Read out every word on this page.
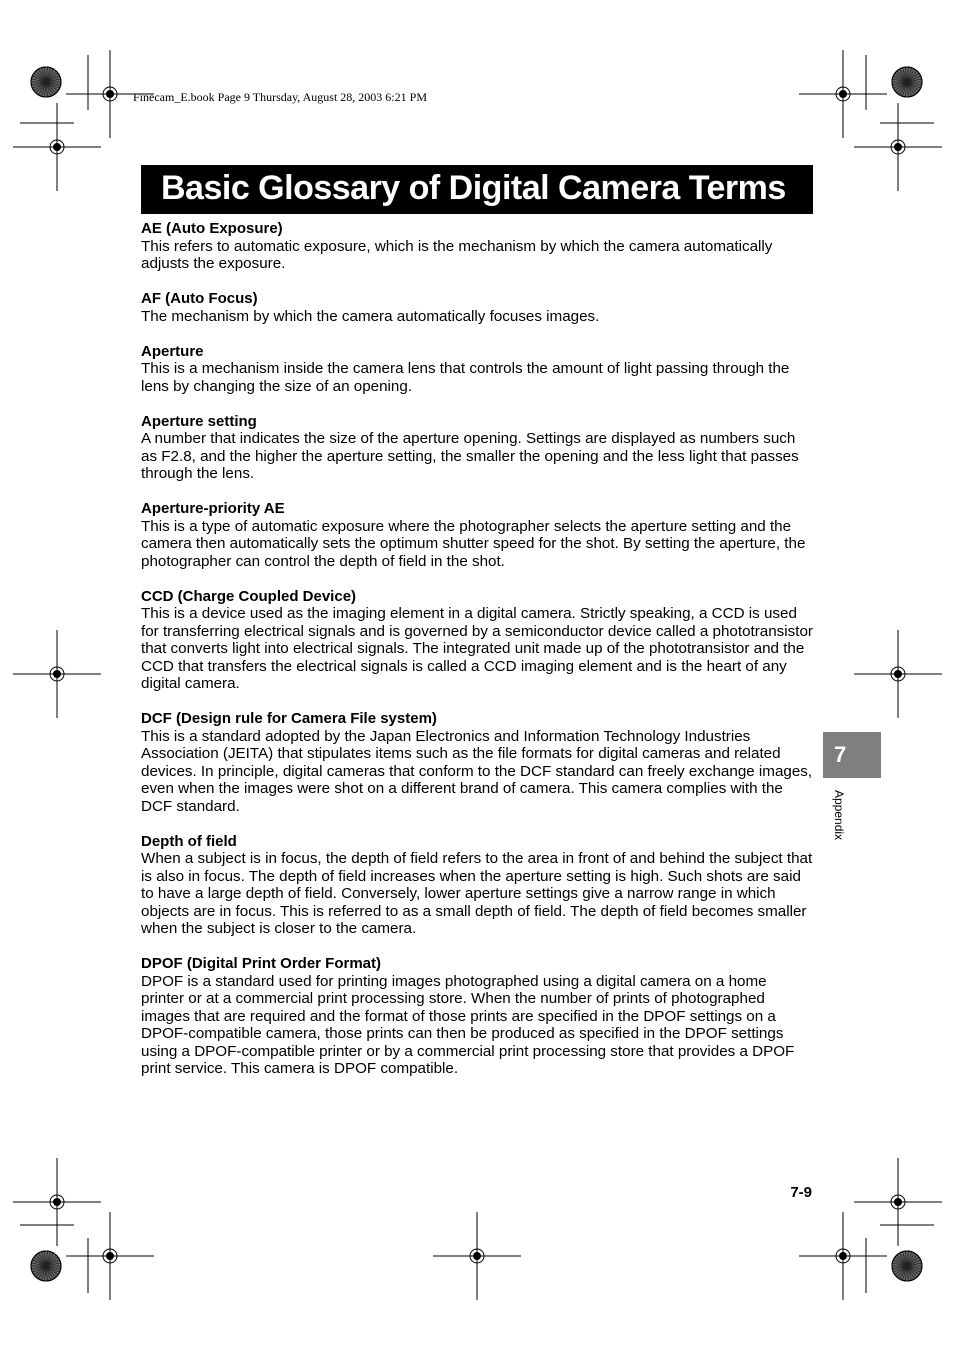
Finecam_E.book Page 9 Thursday, August 28, 2003 6:21 PM
Basic Glossary of Digital Camera Terms
AE (Auto Exposure)
This refers to automatic exposure, which is the mechanism by which the camera automatically adjusts the exposure.
AF (Auto Focus)
The mechanism by which the camera automatically focuses images.
Aperture
This is a mechanism inside the camera lens that controls the amount of light passing through the lens by changing the size of an opening.
Aperture setting
A number that indicates the size of the aperture opening. Settings are displayed as numbers such as F2.8, and the higher the aperture setting, the smaller the opening and the less light that passes through the lens.
Aperture-priority AE
This is a type of automatic exposure where the photographer selects the aperture setting and the camera then automatically sets the optimum shutter speed for the shot. By setting the aperture, the photographer can control the depth of field in the shot.
CCD (Charge Coupled Device)
This is a device used as the imaging element in a digital camera. Strictly speaking, a CCD is used for transferring electrical signals and is governed by a semiconductor device called a phototransistor that converts light into electrical signals. The integrated unit made up of the phototransistor and the CCD that transfers the electrical signals is called a CCD imaging element and is the heart of any digital camera.
DCF (Design rule for Camera File system)
This is a standard adopted by the Japan Electronics and Information Technology Industries Association (JEITA) that stipulates items such as the file formats for digital cameras and related devices. In principle, digital cameras that conform to the DCF standard can freely exchange images, even when the images were shot on a different brand of camera. This camera complies with the DCF standard.
Depth of field
When a subject is in focus, the depth of field refers to the area in front of and behind the subject that is also in focus. The depth of field increases when the aperture setting is high. Such shots are said to have a large depth of field. Conversely, lower aperture settings give a narrow range in which objects are in focus. This is referred to as a small depth of field. The depth of field becomes smaller when the subject is closer to the camera.
DPOF (Digital Print Order Format)
DPOF is a standard used for printing images photographed using a digital camera on a home printer or at a commercial print processing store. When the number of prints of photographed images that are required and the format of those prints are specified in the DPOF settings on a DPOF-compatible camera, those prints can then be produced as specified in the DPOF settings using a DPOF-compatible printer or by a commercial print processing store that provides a DPOF print service. This camera is DPOF compatible.
7
Appendix
7-9
